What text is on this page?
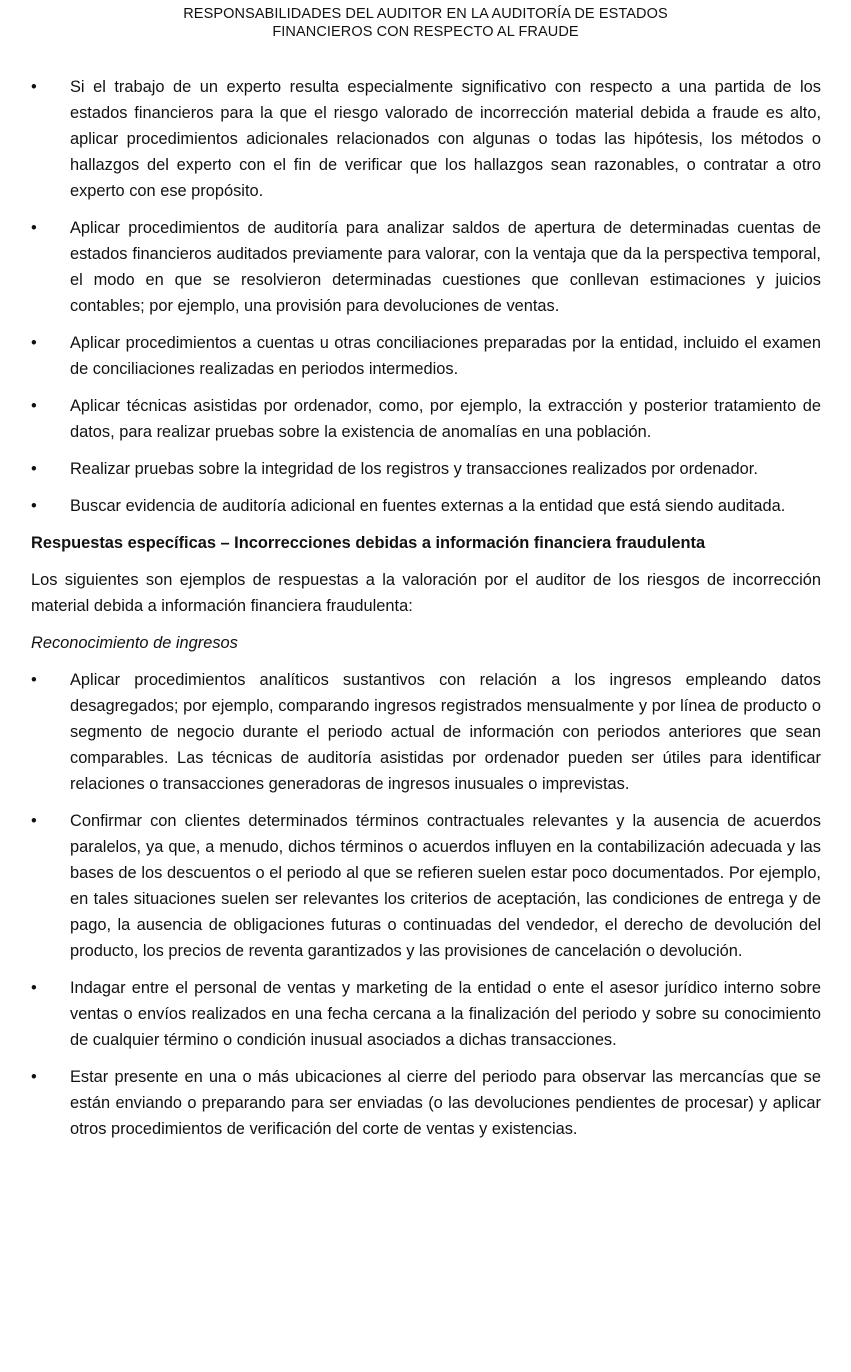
RESPONSABILIDADES DEL AUDITOR EN LA AUDITORÍA DE ESTADOS
FINANCIEROS CON RESPECTO AL FRAUDE
•	Si el trabajo de un experto resulta especialmente significativo con respecto a una partida de los estados financieros para la que el riesgo valorado de incorrección material debida a fraude es alto, aplicar procedimientos adicionales relacionados con algunas o todas las hipótesis, los métodos o hallazgos del experto con el fin de verificar que los hallazgos sean razonables, o contratar a otro experto con ese propósito.
•	Aplicar procedimientos de auditoría para analizar saldos de apertura de determinadas cuentas de estados financieros auditados previamente para valorar, con la ventaja que da la perspectiva temporal, el modo en que se resolvieron determinadas cuestiones que conllevan estimaciones y juicios contables; por ejemplo, una provisión para devoluciones de ventas.
•	Aplicar procedimientos a cuentas u otras conciliaciones preparadas por la entidad, incluido el examen de conciliaciones realizadas en periodos intermedios.
•	Aplicar técnicas asistidas por ordenador, como, por ejemplo, la extracción y posterior tratamiento de datos, para realizar pruebas sobre la existencia de anomalías en una población.
•	Realizar pruebas sobre la integridad de los registros y transacciones realizados por ordenador.
•	Buscar evidencia de auditoría adicional en fuentes externas a la entidad que está siendo auditada.
Respuestas específicas – Incorrecciones debidas a información financiera fraudulenta
Los siguientes son ejemplos de respuestas a la valoración por el auditor de los riesgos de incorrección material debida a información financiera fraudulenta:
Reconocimiento de ingresos
•	Aplicar procedimientos analíticos sustantivos con relación a los ingresos empleando datos desagregados; por ejemplo, comparando ingresos registrados mensualmente y por línea de producto o segmento de negocio durante el periodo actual de información con periodos anteriores que sean comparables. Las técnicas de auditoría asistidas por ordenador pueden ser útiles para identificar relaciones o transacciones generadoras de ingresos inusuales o imprevistas.
•	Confirmar con clientes determinados términos contractuales relevantes y la ausencia de acuerdos paralelos, ya que, a menudo, dichos términos o acuerdos influyen en la contabilización adecuada y las bases de los descuentos o el periodo al que se refieren suelen estar poco documentados. Por ejemplo, en tales situaciones suelen ser relevantes los criterios de aceptación, las condiciones de entrega y de pago, la ausencia de obligaciones futuras o continuadas del vendedor, el derecho de devolución del producto, los precios de reventa garantizados y las provisiones de cancelación o devolución.
•	Indagar entre el personal de ventas y marketing de la entidad o ente el asesor jurídico interno sobre ventas o envíos realizados en una fecha cercana a la finalización del periodo y sobre su conocimiento de cualquier término o condición inusual asociados a dichas transacciones.
•	Estar presente en una o más ubicaciones al cierre del periodo para observar las mercancías que se están enviando o preparando para ser enviadas (o las devoluciones pendientes de procesar) y aplicar otros procedimientos de verificación del corte de ventas y existencias.
